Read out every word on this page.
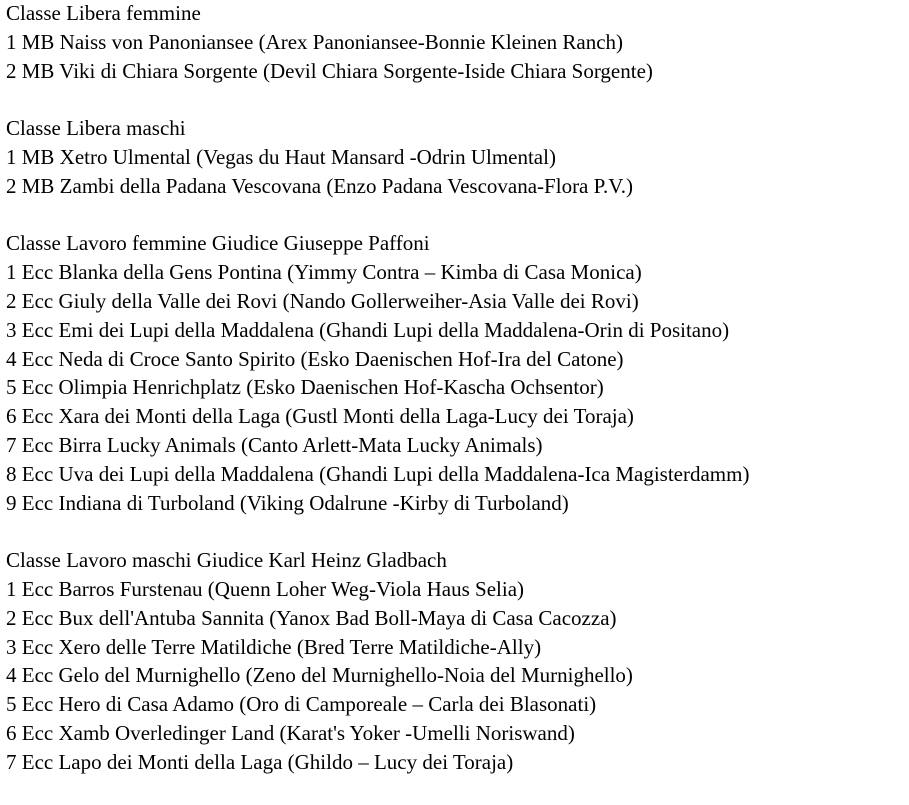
Classe Libera femmine
1 MB Naiss von Panoniansee (Arex Panoniansee-Bonnie Kleinen Ranch)
2 MB Viki di Chiara Sorgente (Devil Chiara Sorgente-Iside Chiara Sorgente)
Classe Libera maschi
1 MB Xetro Ulmental (Vegas du Haut Mansard -Odrin Ulmental)
2 MB Zambi della Padana Vescovana (Enzo Padana Vescovana-Flora P.V.)
Classe Lavoro femmine Giudice Giuseppe Paffoni
1 Ecc Blanka della Gens Pontina (Yimmy Contra – Kimba di Casa Monica)
2 Ecc Giuly della Valle dei Rovi (Nando Gollerweiher-Asia Valle dei Rovi)
3 Ecc Emi dei Lupi della Maddalena (Ghandi Lupi della Maddalena-Orin di Positano)
4 Ecc Neda di Croce Santo Spirito (Esko Daenischen Hof-Ira del Catone)
5 Ecc Olimpia Henrichplatz (Esko Daenischen Hof-Kascha Ochsentor)
6 Ecc Xara dei Monti della Laga (Gustl Monti della Laga-Lucy dei Toraja)
7 Ecc Birra Lucky Animals (Canto Arlett-Mata Lucky Animals)
8 Ecc Uva dei Lupi della Maddalena (Ghandi Lupi della Maddalena-Ica Magisterdamm)
9 Ecc Indiana di Turboland (Viking Odalrune -Kirby di Turboland)
Classe Lavoro maschi Giudice Karl Heinz Gladbach
1 Ecc Barros Furstenau (Quenn Loher Weg-Viola Haus Selia)
2 Ecc Bux dell'Antuba Sannita (Yanox Bad Boll-Maya di Casa Cacozza)
3 Ecc Xero delle Terre Matildiche (Bred Terre Matildiche-Ally)
4 Ecc Gelo del Murnighello (Zeno del Murnighello-Noia del Murnighello)
5 Ecc Hero di Casa Adamo (Oro di Camporeale – Carla dei Blasonati)
6 Ecc Xamb Overledinger Land (Karat's Yoker -Umelli Noriswand)
7 Ecc Lapo dei Monti della Laga (Ghildo – Lucy dei Toraja)
